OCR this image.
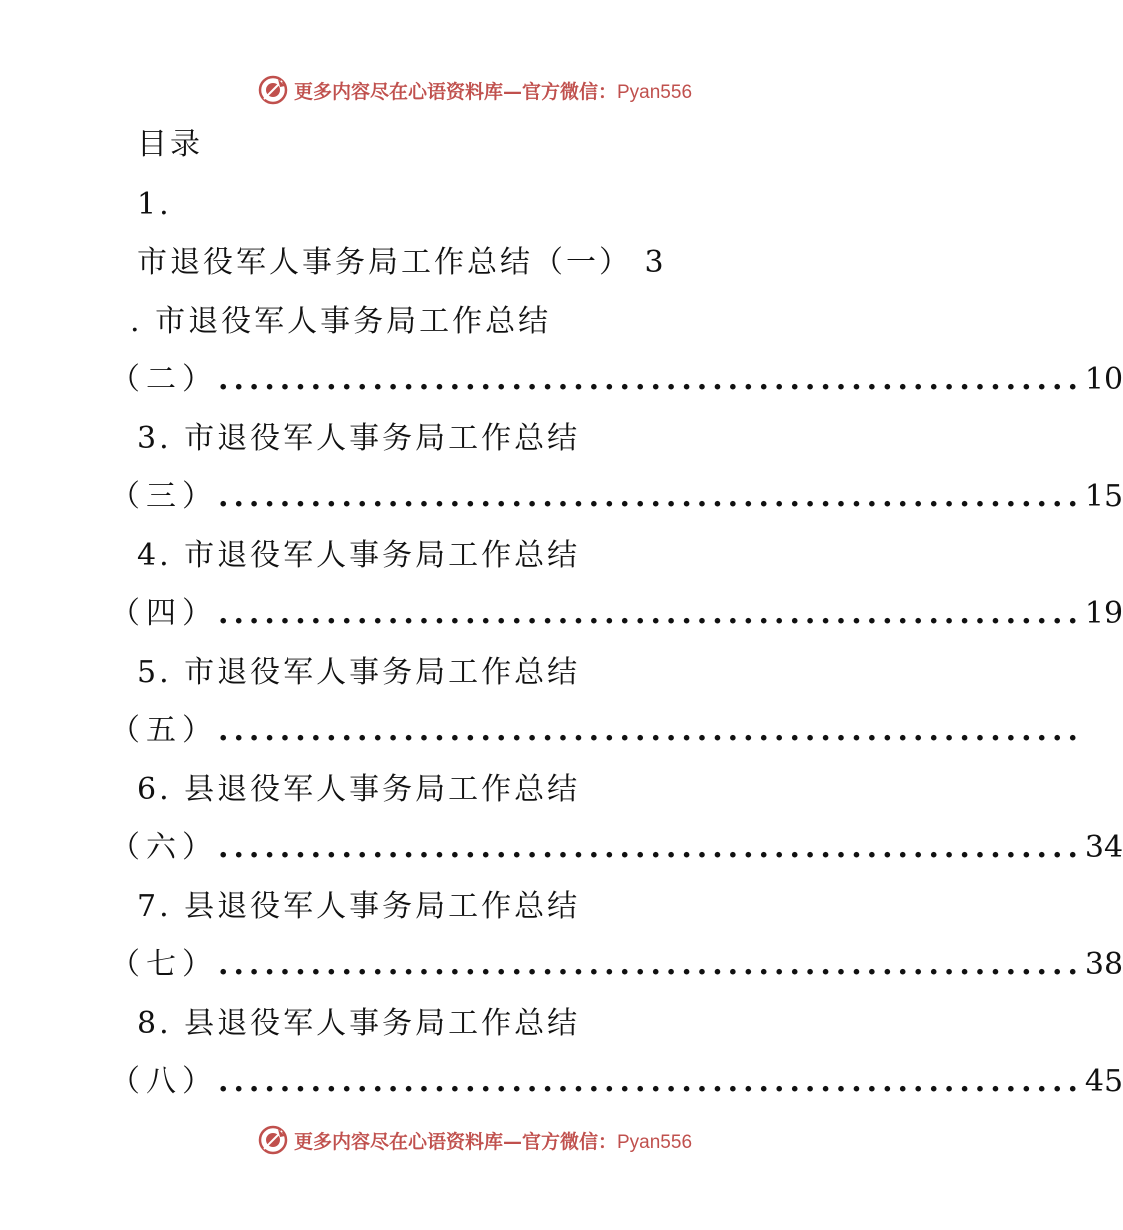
更多内容尽在心语资料库—官方微信：Pyan556
目录
1.
市退役军人事务局工作总结（一） 3
. 市退役军人事务局工作总结
（二） ........................................................ 10
3. 市退役军人事务局工作总结
（三） ........................................................ 15
4. 市退役军人事务局工作总结
（四） ........................................................ 19
5. 市退役军人事务局工作总结
（五） ........................................................
6. 县退役军人事务局工作总结
（六） ........................................................ 34
7. 县退役军人事务局工作总结
（七） ........................................................ 38
8. 县退役军人事务局工作总结
（八） ........................................................ 45
更多内容尽在心语资料库—官方微信：Pyan556
